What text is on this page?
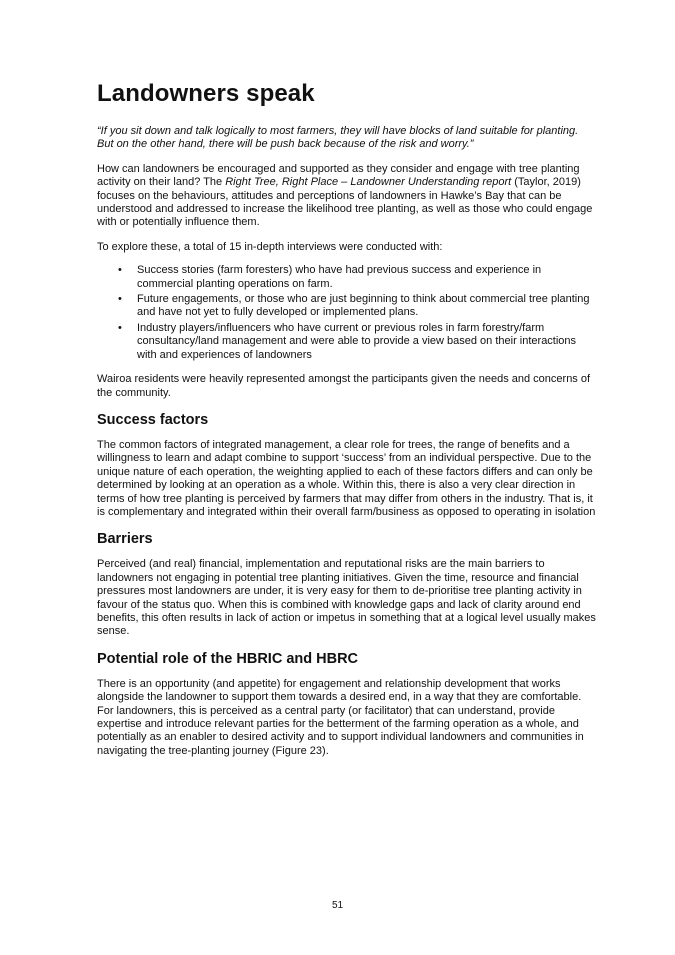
Landowners speak

“If you sit down and talk logically to most farmers, they will have blocks of land suitable for planting. But on the other hand, there will be push back because of the risk and worry.”

How can landowners be encouraged and supported as they consider and engage with tree planting activity on their land? The Right Tree, Right Place – Landowner Understanding report (Taylor, 2019) focuses on the behaviours, attitudes and perceptions of landowners in Hawke’s Bay that can be understood and addressed to increase the likelihood tree planting, as well as those who could engage with or potentially influence them.

To explore these, a total of 15 in-depth interviews were conducted with:

• Success stories (farm foresters) who have had previous success and experience in commercial planting operations on farm.
• Future engagements, or those who are just beginning to think about commercial tree planting and have not yet to fully developed or implemented plans.
• Industry players/influencers who have current or previous roles in farm forestry/farm consultancy/land management and were able to provide a view based on their interactions with and experiences of landowners

Wairoa residents were heavily represented amongst the participants given the needs and concerns of the community.

Success factors

The common factors of integrated management, a clear role for trees, the range of benefits and a willingness to learn and adapt combine to support ‘success’ from an individual perspective. Due to the unique nature of each operation, the weighting applied to each of these factors differs and can only be determined by looking at an operation as a whole. Within this, there is also a very clear direction in terms of how tree planting is perceived by farmers that may differ from others in the industry. That is, it is complementary and integrated within their overall farm/business as opposed to operating in isolation

Barriers

Perceived (and real) financial, implementation and reputational risks are the main barriers to landowners not engaging in potential tree planting initiatives. Given the time, resource and financial pressures most landowners are under, it is very easy for them to de-prioritise tree planting activity in favour of the status quo. When this is combined with knowledge gaps and lack of clarity around end benefits, this often results in lack of action or impetus in something that at a logical level usually makes sense.

Potential role of the HBRIC and HBRC

There is an opportunity (and appetite) for engagement and relationship development that works alongside the landowner to support them towards a desired end, in a way that they are comfortable. For landowners, this is perceived as a central party (or facilitator) that can understand, provide expertise and introduce relevant parties for the betterment of the farming operation as a whole, and potentially as an enabler to desired activity and to support individual landowners and communities in navigating the tree-planting journey (Figure 23).

51
